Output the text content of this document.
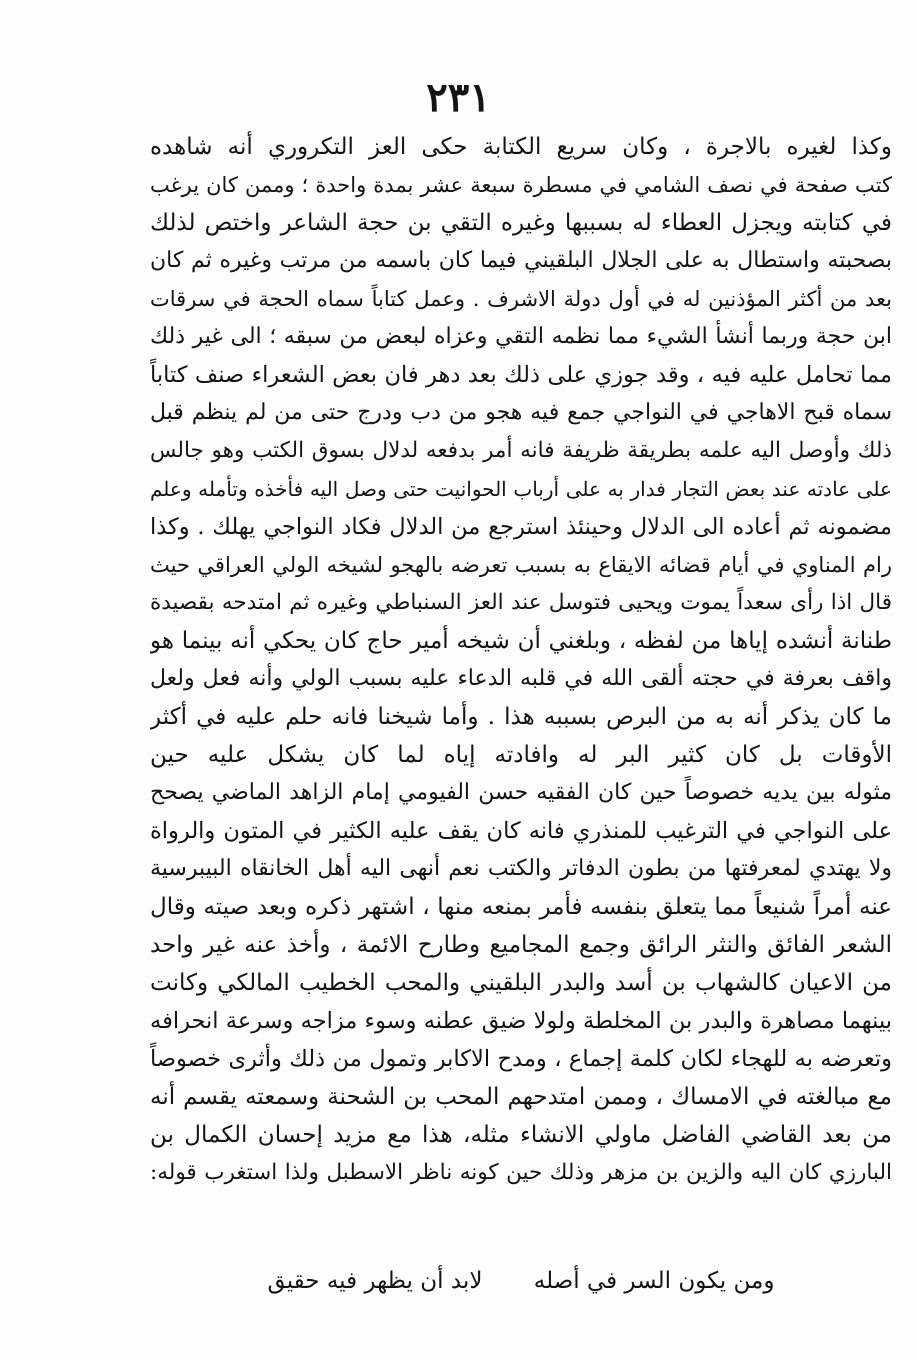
٢٣١
وكذا لغيره بالاجرة ، وكان سريع الكتابة حكى العز التكروري أنه شاهده
كتب صفحة في نصف الشامي في مسطرة سبعة عشر بمدة واحدة ؛ وممن كان يرغب
في كتابته ويجزل العطاء له بسببها وغيره التقي بن حجة الشاعر واختص لذلك
بصحبته واستطال به على الجلال البلقيني فيما كان باسمه من مرتب وغيره ثم كان
بعد من أكثر المؤذنين له في أول دولة الاشرف . وعمل كتاباً سماه الحجة في سرقات
ابن حجة وربما أنشأ الشيء مما نظمه التقي وعزاه لبعض من سبقه ؛ الى غير ذلك
مما تحامل عليه فيه ، وقد جوزي على ذلك بعد دهر فان بعض الشعراء صنف كتاباً
سماه قبح الاهاجي في النواجي جمع فيه هجو من دب ودرج حتى من لم ينظم قبل
ذلك وأوصل اليه علمه بطريقة ظريفة فانه أمر بدفعه لدلال بسوق الكتب وهو جالس
على عادته عند بعض التجار فدار به على أرباب الحوانيت حتى وصل اليه فأخذه وتأمله وعلم
مضمونه ثم أعاده الى الدلال وحينئذ استرجع من الدلال فكاد النواجي يهلك . وكذا
رام المناوي في أيام قضائه الايقاع به بسبب تعرضه بالهجو لشيخه الولي العراقي حيث
قال اذا رأى سعداً يموت ويحيى فتوسل عند العز السنباطي وغيره ثم امتدحه بقصيدة
طنانة أنشده إياها من لفظه ، وبلغني أن شيخه أمير حاج كان يحكي أنه بينما هو
واقف بعرفة في حجته ألقى الله في قلبه الدعاء عليه بسبب الولي وأنه فعل ولعل
ما كان يذكر أنه به من البرص بسببه هذا . وأما شيخنا فانه حلم عليه في أكثر
الأوقات بل كان كثير البر له وافادته إياه لما كان يشكل عليه حين
مثوله بين يديه خصوصاً حين كان الفقيه حسن الفيومي إمام الزاهد الماضي يصحح
على النواجي في الترغيب للمنذري فانه كان يقف عليه الكثير في المتون والرواة
ولا يهتدي لمعرفتها من بطون الدفاتر والكتب نعم أنهى اليه أهل الخانقاه البيبرسية
عنه أمراً شنيعاً مما يتعلق بنفسه فأمر بمنعه منها ، اشتهر ذكره وبعد صيته وقال
الشعر الفائق والنثر الرائق وجمع المجاميع وطارح الائمة ، وأخذ عنه غير واحد
من الاعيان كالشهاب بن أسد والبدر البلقيني والمحب الخطيب المالكي وكانت
بينهما مصاهرة والبدر بن المخلطة ولولا ضيق عطنه وسوء مزاجه وسرعة انحرافه
وتعرضه به للهجاء لكان كلمة إجماع ، ومدح الاكابر وتمول من ذلك وأثرى خصوصاً
مع مبالغته في الامساك ، وممن امتدحهم المحب بن الشحنة وسمعته يقسم أنه
من بعد القاضي الفاضل ماولي الانشاء مثله، هذا مع مزيد إحسان الكمال بن
البارزي كان اليه والزين بن مزهر وذلك حين كونه ناظر الاسطبل ولذا استغرب قوله:
ومن يكون السر في أصله لابد أن يظهر فيه حقيق
